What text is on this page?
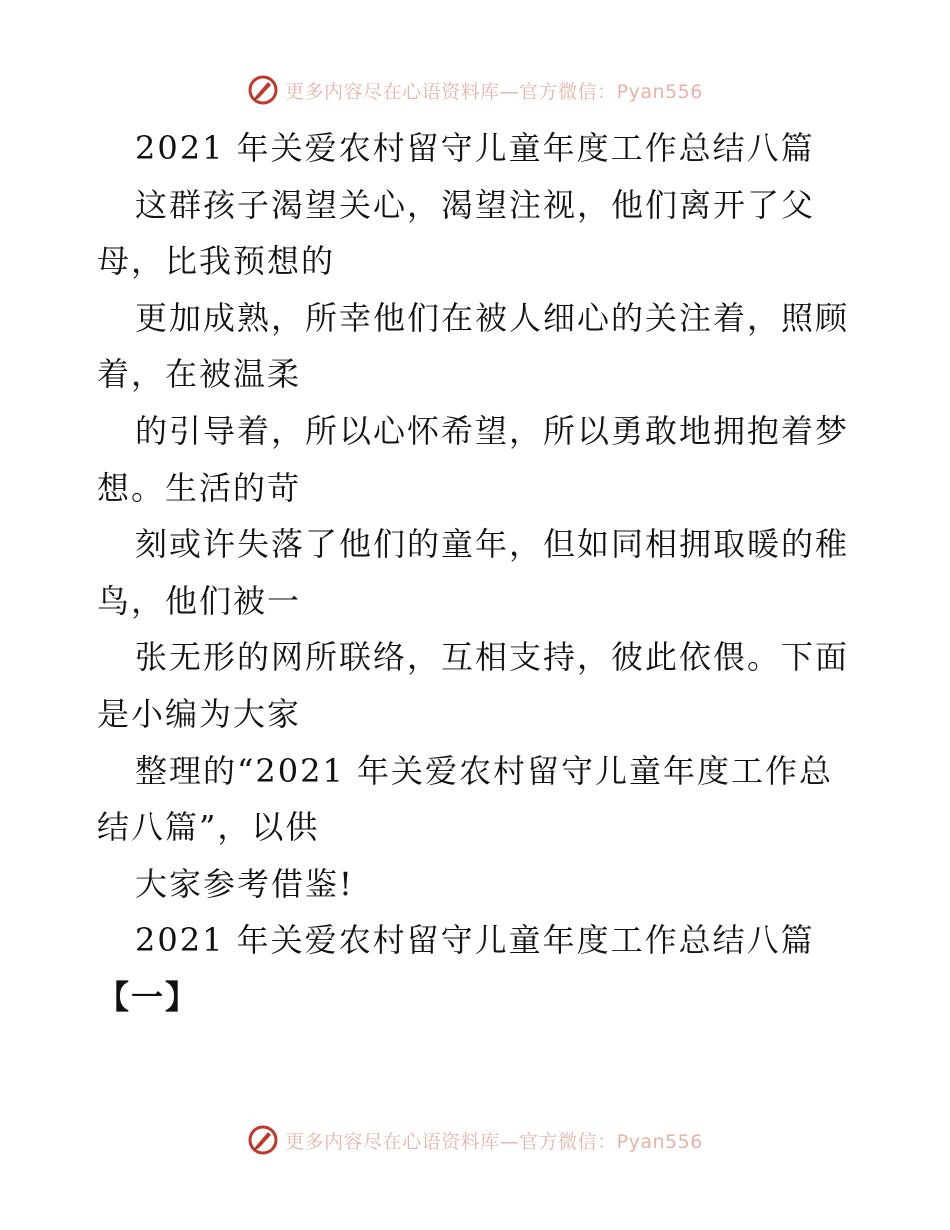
更多内容尽在心语资料库—官方微信：Pyan556
2021 年关爱农村留守儿童年度工作总结八篇
这群孩子渴望关心，渴望注视，他们离开了父
母，比我预想的
更加成熟，所幸他们在被人细心的关注着，照顾
着，在被温柔
的引导着，所以心怀希望，所以勇敢地拥抱着梦
想。生活的苛
刻或许失落了他们的童年，但如同相拥取暖的稚
鸟，他们被一
张无形的网所联络，互相支持，彼此依偎。下面
是小编为大家
整理的“2021 年关爱农村留守儿童年度工作总
结八篇”，以供
大家参考借鉴!
2021 年关爱农村留守儿童年度工作总结八篇
【一】
更多内容尽在心语资料库—官方微信：Pyan556
